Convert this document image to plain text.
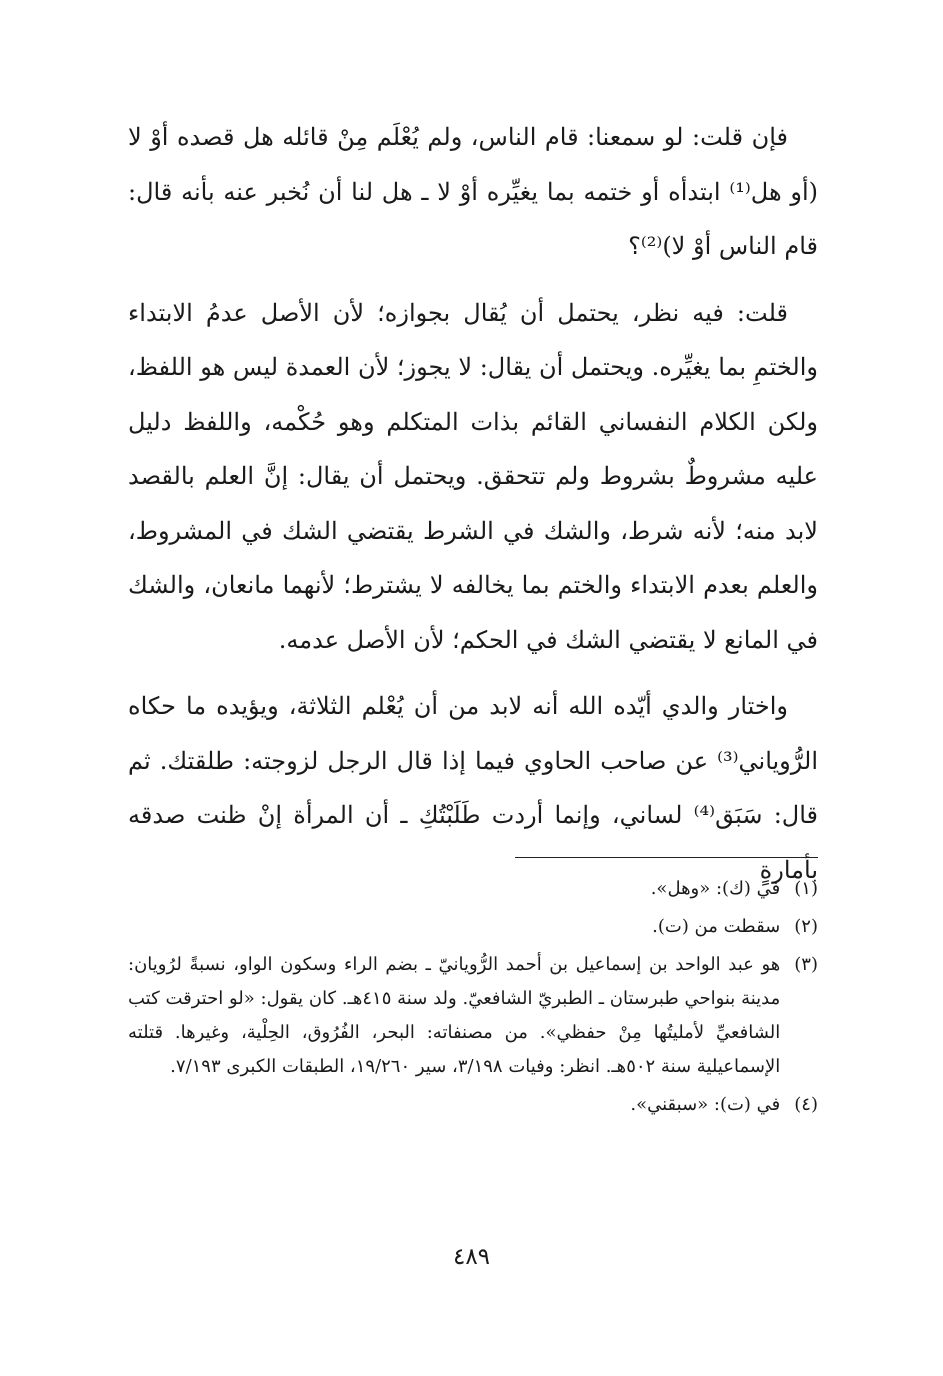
فإن قلت: لو سمعنا: قام الناس، ولم يُعْلَم مِنْ قائله هل قصده أوْ لا (أو هل⁽¹⁾ ابتدأه أو ختمه بما يغيِّره أوْ لا ـ هل لنا أن نُخبر عنه بأنه قال: قام الناس أوْ لا)⁽²⁾؟

قلت: فيه نظر، يحتمل أن يُقال بجوازه؛ لأن الأصل عدمُ الابتداء والختمِ بما يغيِّره. ويحتمل أن يقال: لا يجوز؛ لأن العمدة ليس هو اللفظ، ولكن الكلام النفساني القائم بذات المتكلم وهو حُكْمه، واللفظ دليل عليه مشروطٌ بشروط ولم تتحقق. ويحتمل أن يقال: إنَّ العلم بالقصد لابد منه؛ لأنه شرط، والشك في الشرط يقتضي الشك في المشروط، والعلم بعدم الابتداء والختم بما يخالفه لا يشترط؛ لأنهما مانعان، والشك في المانع لا يقتضي الشك في الحكم؛ لأن الأصل عدمه.

واختار والدي أيّده الله أنه لابد من أن يُعْلم الثلاثة، ويؤيده ما حكاه الرُّوياني⁽³⁾ عن صاحب الحاوي فيما إذا قال الرجل لزوجته: طلقتك. ثم قال: سَبَق⁽⁴⁾ لساني، وإنما أردت طَلَبْتُكِ ـ أن المرأة إنْ ظنت صدقه بأمارةٍ

(١)
في (ك): «وهل».
(٢)
سقطت من (ت).
(٣)
هو عبد الواحد بن إسماعيل بن أحمد الرُّويانيّ ـ بضم الراء وسكون الواو، نسبةً لرُويان: مدينة بنواحي طبرستان ـ الطبريّ الشافعيّ. ولد سنة ٤١٥هـ. كان يقول: «لو احترقت كتب الشافعيِّ لأمليتُها مِنْ حفظي». من مصنفاته: البحر، الفُرُوق، الحِلْية، وغيرها. قتلته الإسماعيلية سنة ٥٠٢هـ. انظر: وفيات ٣/١٩٨، سير ١٩/٢٦٠، الطبقات الكبرى ٧/١٩٣.
(٤)
في (ت): «سبقني».
٤٨٩
